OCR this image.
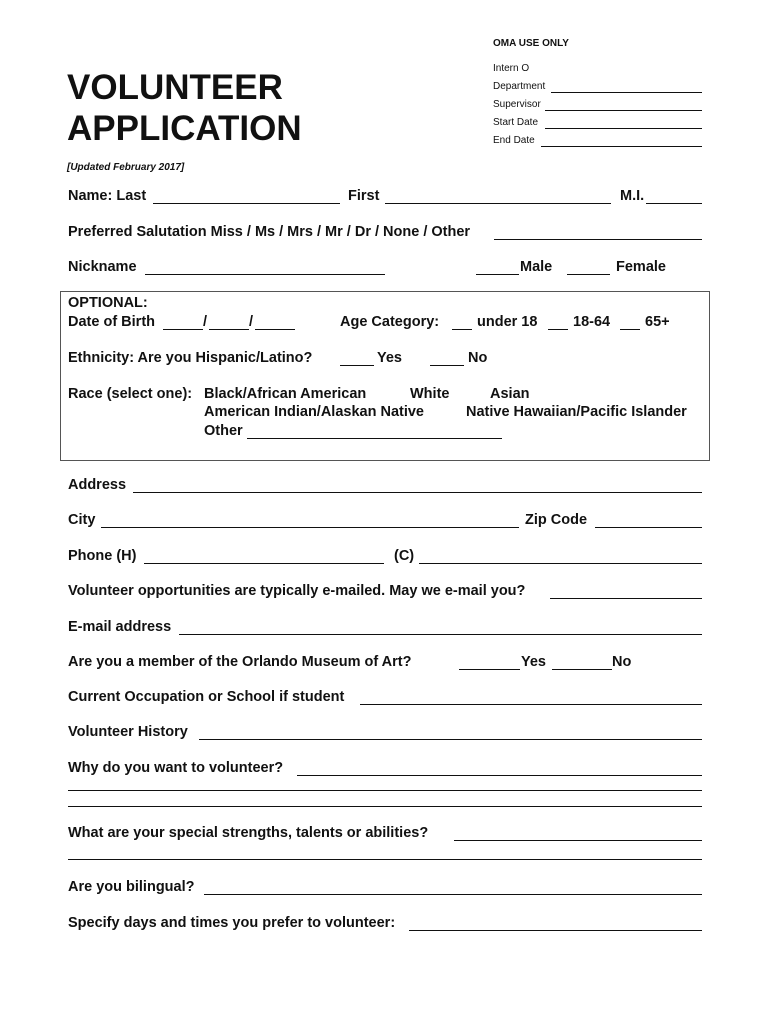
OMA USE ONLY
Intern O
Department
Supervisor
Start Date
End Date
VOLUNTEER
APPLICATION
[Updated February 2017]
Name: Last	First	M.I.
Preferred Salutation Miss / Ms / Mrs / Mr / Dr / None / Other
Nickname	Male	Female
OPTIONAL:
Date of Birth	/	/	Age Category:	under 18 18-64 65+
Ethnicity: Are you Hispanic/Latino?	Yes	No
Race (select one): Black/African American	White	Asian
American Indian/Alaskan Native	Native Hawaiian/Pacific Islander
Other
Address
City	Zip Code
Phone (H)	(C)
Volunteer opportunities are typically e-mailed. May we e-mail you?
E-mail address
Are you a member of the Orlando Museum of Art?	Yes	No
Current Occupation or School if student
Volunteer History
Why do you want to volunteer?
What are your special strengths, talents or abilities?
Are you bilingual?
Specify days and times you prefer to volunteer:
